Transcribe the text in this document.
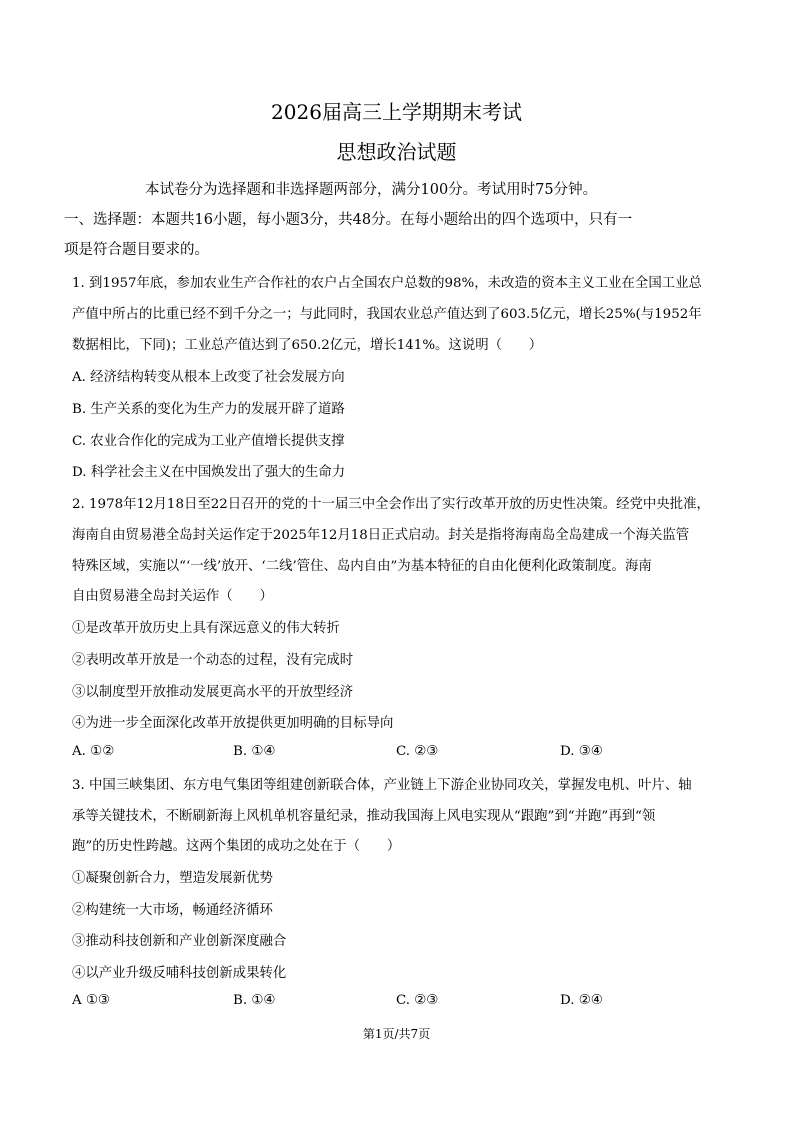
2026届高三上学期期末考试
思想政治试题
本试卷分为选择题和非选择题两部分，满分100分。考试用时75分钟。
一、选择题：本题共16小题，每小题3分，共48分。在每小题给出的四个选项中，只有一
项是符合题目要求的。
1. 到1957年底，参加农业生产合作社的农户占全国农户总数的98%，未改造的资本主义工业在全国工业总
产值中所占的比重已经不到千分之一；与此同时，我国农业总产值达到了603.5亿元，增长25%(与1952年
数据相比，下同)；工业总产值达到了650.2亿元，增长141%。这说明（　　）
A. 经济结构转变从根本上改变了社会发展方向
B. 生产关系的变化为生产力的发展开辟了道路
C. 农业合作化的完成为工业产值增长提供支撑
D. 科学社会主义在中国焕发出了强大的生命力
2. 1978年12月18日至22日召开的党的十一届三中全会作出了实行改革开放的历史性决策。经党中央批准，
海南自由贸易港全岛封关运作定于2025年12月18日正式启动。封关是指将海南岛全岛建成一个海关监管
特殊区域，实施以“‘一线’放开、‘二线’管住、岛内自由”为基本特征的自由化便利化政策制度。海南
自由贸易港全岛封关运作（　　）
①是改革开放历史上具有深远意义的伟大转折
②表明改革开放是一个动态的过程，没有完成时
③以制度型开放推动发展更高水平的开放型经济
④为进一步全面深化改革开放提供更加明确的目标导向
A. ①②	B. ①④	C. ②③	D. ③④
3. 中国三峡集团、东方电气集团等组建创新联合体，产业链上下游企业协同攻关，掌握发电机、叶片、轴
承等关键技术，不断刷新海上风机单机容量纪录，推动我国海上风电实现从“跟跑”到“并跑”再到“领
跑”的历史性跨越。这两个集团的成功之处在于（　　）
①凝聚创新合力，塑造发展新优势
②构建统一大市场，畅通经济循环
③推动科技创新和产业创新深度融合
④以产业升级反哺科技创新成果转化
A ①③	B. ①④	C. ②③	D. ②④
第1页/共7页
